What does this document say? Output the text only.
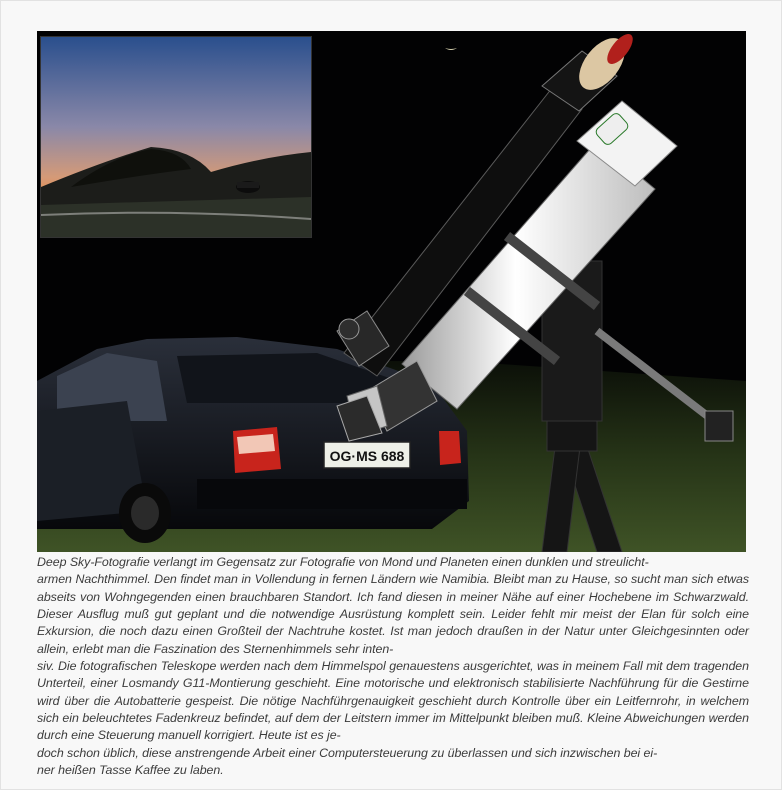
OG·MS 688
Deep Sky-Fotografie verlangt im Gegensatz zur Fotografie von Mond und Planeten einen dunklen und streulicht-
armen Nachthimmel. Den findet man in Vollendung in fernen Ländern wie Namibia. Bleibt man zu Hause, so sucht man sich etwas abseits von Wohngegenden einen brauchbaren Standort. Ich fand diesen in meiner Nähe auf einer Hochebene im Schwarzwald. Dieser Ausflug muß gut geplant und die notwendige Ausrüstung komplett sein. Leider fehlt mir meist der Elan für solch eine Exkursion, die noch dazu einen Großteil der Nachtruhe kostet. Ist man jedoch draußen in der Natur unter Gleichgesinnten oder allein, erlebt man die Faszination des Sternenhimmels sehr inten-
siv. Die fotografischen Teleskope werden nach dem Himmelspol genauestens ausgerichtet, was in meinem Fall mit dem tragenden Unterteil, einer Losmandy G11-Montierung geschieht. Eine motorische und elektronisch stabilisierte Nachführung für die Gestirne wird über die Autobatterie gespeist. Die nötige Nachführgenauigkeit geschieht durch Kontrolle über ein Leitfernrohr, in welchem sich ein beleuchtetes Fadenkreuz befindet, auf dem der Leitstern immer im Mittelpunkt bleiben muß. Kleine Abweichungen werden durch eine Steuerung manuell korrigiert. Heute ist es je-
doch schon üblich, diese anstrengende Arbeit einer Computersteuerung zu überlassen und sich inzwischen bei ei-
ner heißen Tasse Kaffee zu laben.
